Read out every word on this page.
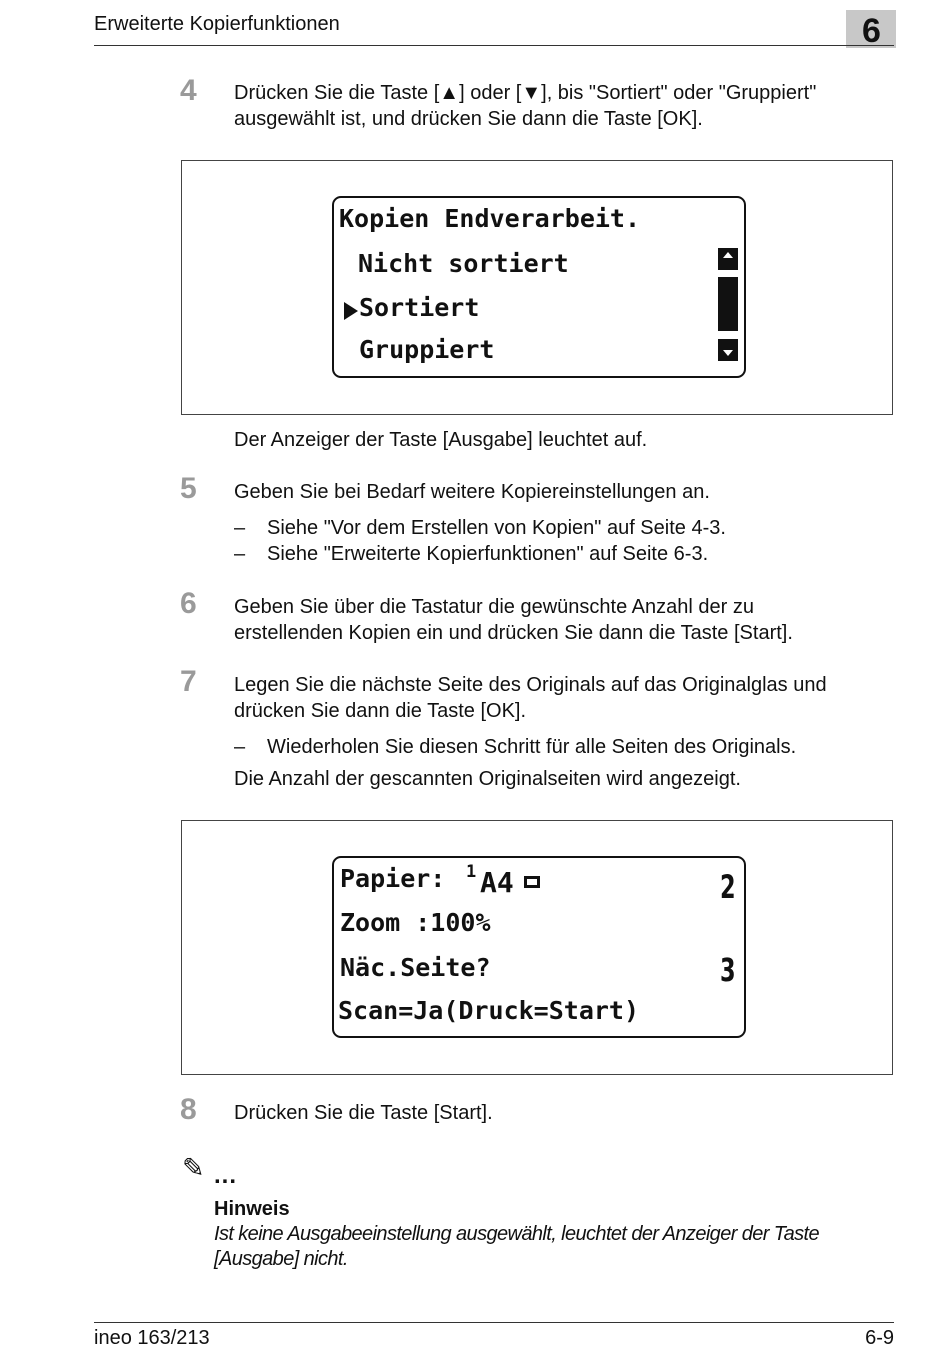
Erweiterte Kopierfunktionen	6
4 Drücken Sie die Taste [▲] oder [▼], bis "Sortiert" oder "Gruppiert"
ausgewählt ist, und drücken Sie dann die Taste [OK].
Kopien Endverarbeit.
Nicht sortiert
Sortiert
Gruppiert
Der Anzeiger der Taste [Ausgabe] leuchtet auf.
5 Geben Sie bei Bedarf weitere Kopiereinstellungen an.
– Siehe "Vor dem Erstellen von Kopien" auf Seite 4-3.
– Siehe "Erweiterte Kopierfunktionen" auf Seite 6-3.
6 Geben Sie über die Tastatur die gewünschte Anzahl der zu
erstellenden Kopien ein und drücken Sie dann die Taste [Start].
7 Legen Sie die nächste Seite des Originals auf das Originalglas und
drücken Sie dann die Taste [OK].
– Wiederholen Sie diesen Schritt für alle Seiten des Originals.
Die Anzahl der gescannten Originalseiten wird angezeigt.
Papier: 1 A4
Zoom :100%
Näc.Seite?
Scan=Ja(Druck=Start)
2
3
8 Drücken Sie die Taste [Start].
✎ ...
Hinweis
Ist keine Ausgabeeinstellung ausgewählt, leuchtet der Anzeiger der Taste [Ausgabe] nicht.
ineo 163/213	6-9
